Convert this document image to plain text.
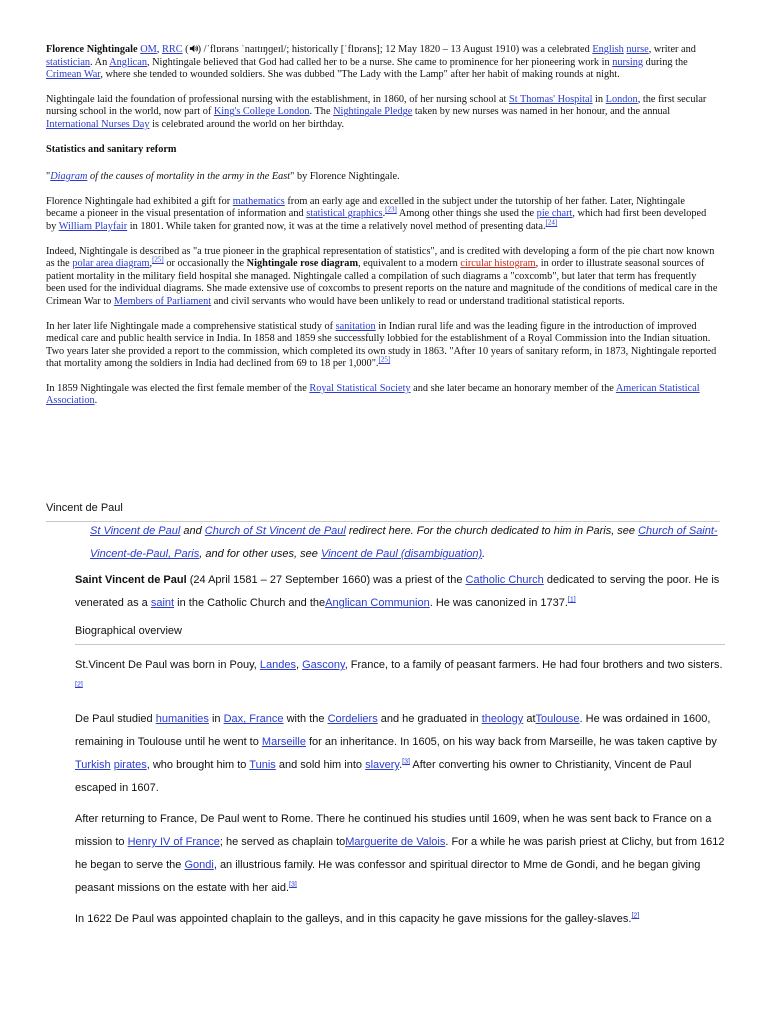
Florence Nightingale OM, RRC ( ) /ˈflɒrəns ˈnaɪtɪŋɡeɪl/; historically [ˈflɒɾəns]; 12 May 1820 – 13 August 1910) was a celebrated English nurse, writer and statistician. An Anglican, Nightingale believed that God had called her to be a nurse. She came to prominence for her pioneering work in nursing during the Crimean War, where she tended to wounded soldiers. She was dubbed "The Lady with the Lamp" after her habit of making rounds at night.

Nightingale laid the foundation of professional nursing with the establishment, in 1860, of her nursing school at St Thomas' Hospital in London, the first secular nursing school in the world, now part of King's College London. The Nightingale Pledge taken by new nurses was named in her honour, and the annual International Nurses Day is celebrated around the world on her birthday.

Statistics and sanitary reform

"Diagram of the causes of mortality in the army in the East" by Florence Nightingale.

Florence Nightingale had exhibited a gift for mathematics from an early age and excelled in the subject under the tutorship of her father. Later, Nightingale became a pioneer in the visual presentation of information and statistical graphics.[23] Among other things she used the pie chart, which had first been developed by William Playfair in 1801. While taken for granted now, it was at the time a relatively novel method of presenting data.[24]

Indeed, Nightingale is described as "a true pioneer in the graphical representation of statistics", and is credited with developing a form of the pie chart now known as the polar area diagram,[25] or occasionally the Nightingale rose diagram, equivalent to a modern circular histogram, in order to illustrate seasonal sources of patient mortality in the military field hospital she managed. Nightingale called a compilation of such diagrams a "coxcomb", but later that term has frequently been used for the individual diagrams. She made extensive use of coxcombs to present reports on the nature and magnitude of the conditions of medical care in the Crimean War to Members of Parliament and civil servants who would have been unlikely to read or understand traditional statistical reports.

In her later life Nightingale made a comprehensive statistical study of sanitation in Indian rural life and was the leading figure in the introduction of improved medical care and public health service in India. In 1858 and 1859 she successfully lobbied for the establishment of a Royal Commission into the Indian situation. Two years later she provided a report to the commission, which completed its own study in 1863. "After 10 years of sanitary reform, in 1873, Nightingale reported that mortality among the soldiers in India had declined from 69 to 18 per 1,000".[25]

In 1859 Nightingale was elected the first female member of the Royal Statistical Society and she later became an honorary member of the American Statistical Association.

Vincent de Paul
St Vincent de Paul and Church of St Vincent de Paul redirect here. For the church dedicated to him in Paris, see Church of Saint-Vincent-de-Paul, Paris, and for other uses, see Vincent de Paul (disambiguation).

Saint Vincent de Paul (24 April 1581 – 27 September 1660) was a priest of the Catholic Church dedicated to serving the poor. He is venerated as a saint in the Catholic Church and theAnglican Communion. He was canonized in 1737.[1]

Biographical overview

St.Vincent De Paul was born in Pouy, Landes, Gascony, France, to a family of peasant farmers. He had four brothers and two sisters.[2]

De Paul studied humanities in Dax, France with the Cordeliers and he graduated in theology atToulouse. He was ordained in 1600, remaining in Toulouse until he went to Marseille for an inheritance. In 1605, on his way back from Marseille, he was taken captive by Turkish pirates, who brought him to Tunis and sold him into slavery.[3] After converting his owner to Christianity, Vincent de Paul escaped in 1607.

After returning to France, De Paul went to Rome. There he continued his studies until 1609, when he was sent back to France on a mission to Henry IV of France; he served as chaplain toMarguerite de Valois. For a while he was parish priest at Clichy, but from 1612 he began to serve the Gondi, an illustrious family. He was confessor and spiritual director to Mme de Gondi, and he began giving peasant missions on the estate with her aid.[3]

In 1622 De Paul was appointed chaplain to the galleys, and in this capacity he gave missions for the galley-slaves.[2]
